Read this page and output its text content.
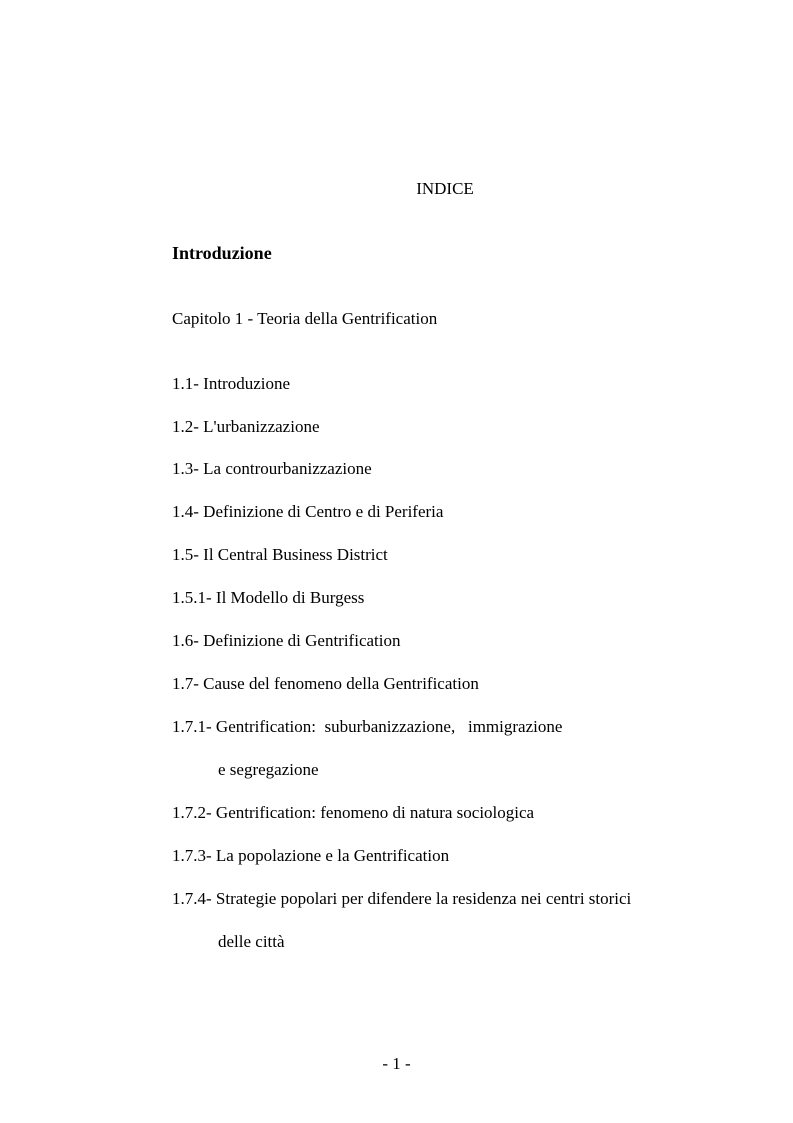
INDICE
Introduzione
Capitolo 1 - Teoria della Gentrification
1.1- Introduzione
1.2- L'urbanizzazione
1.3- La controurbanizzazione
1.4- Definizione di Centro e di Periferia
1.5- Il Central Business District
1.5.1- Il Modello di Burgess
1.6- Definizione di Gentrification
1.7- Cause del fenomeno della Gentrification
1.7.1- Gentrification:  suburbanizzazione,   immigrazione
e segregazione
1.7.2- Gentrification: fenomeno di natura sociologica
1.7.3- La popolazione e la Gentrification
1.7.4- Strategie popolari per difendere la residenza nei centri storici
delle città
- 1 -
